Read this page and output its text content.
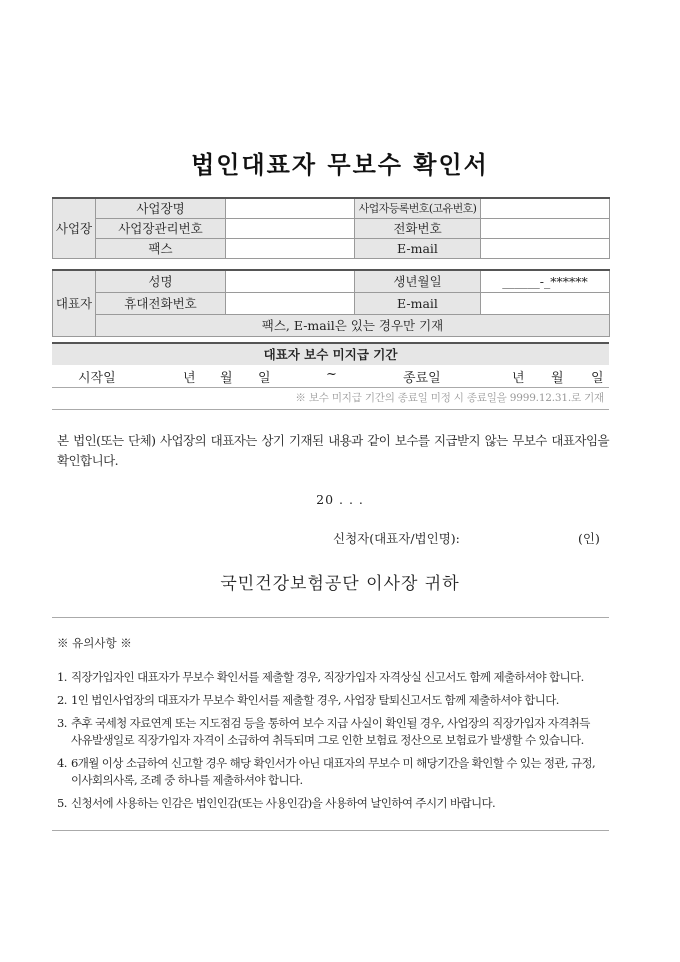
법인대표자 무보수 확인서
사업장	사업장명		사업자등록번호(고유번호)	
	사업장관리번호		전화번호	
	팩스		E-mail	
대표자	성명		생년월일	______-_******
	휴대전화번호		E-mail	
	팩스, E-mail은 있는 경우만 기재			
대표자 보수 미지급 기간
시작일	년 월 일	~	종료일	년 월 일
※ 보수 미지급 기간의 종료일 미정 시 종료일을 9999.12.31.로 기재
본 법인(또는 단체) 사업장의 대표자는 상기 기재된 내용과 같이 보수를 지급받지 않는 무보수 대표자임을 확인합니다.
20 . . .
신청자(대표자/법인명):	(인)
국민건강보험공단 이사장 귀하
※ 유의사항 ※
1. 직장가입자인 대표자가 무보수 확인서를 제출할 경우, 직장가입자 자격상실 신고서도 함께 제출하셔야 합니다.
2. 1인 법인사업장의 대표자가 무보수 확인서를 제출할 경우, 사업장 탈퇴신고서도 함께 제출하셔야 합니다.
3. 추후 국세청 자료연계 또는 지도점검 등을 통하여 보수 지급 사실이 확인될 경우, 사업장의 직장가입자 자격취득
사유발생일로 직장가입자 자격이 소급하여 취득되며 그로 인한 보험료 정산으로 보험료가 발생할 수 있습니다.
4. 6개월 이상 소급하여 신고할 경우 해당 확인서가 아닌 대표자의 무보수 미 해당기간을 확인할 수 있는 정관, 규정,
이사회의사록, 조례 중 하나를 제출하셔야 합니다.
5. 신청서에 사용하는 인감은 법인인감(또는 사용인감)을 사용하여 날인하여 주시기 바랍니다.
